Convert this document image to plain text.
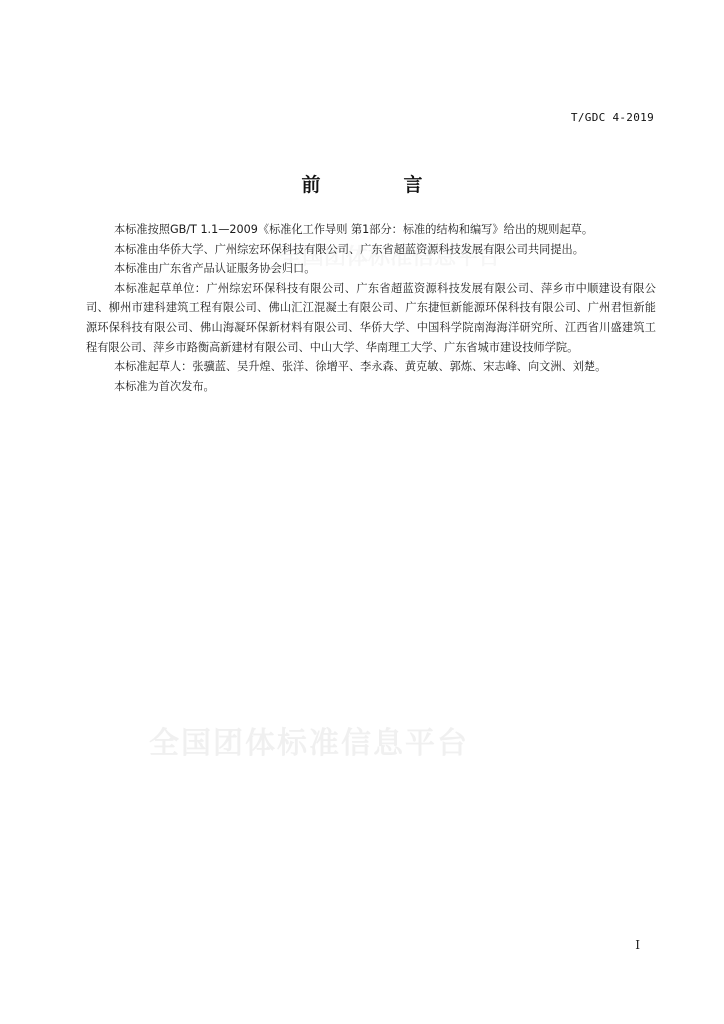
T/GDC 4-2019
前　言

本标准按照GB/T 1.1—2009《标准化工作导则 第1部分：标准的结构和编写》给出的规则起草。

本标准由华侨大学、广州综宏环保科技有限公司、广东省超蓝资源科技发展有限公司共同提出。

本标准由广东省产品认证服务协会归口。

本标准起草单位：广州综宏环保科技有限公司、广东省超蓝资源科技发展有限公司、萍乡市中顺建设有限公司、柳州市建科建筑工程有限公司、佛山汇江混凝土有限公司、广东捷恒新能源环保科技有限公司、广州君恒新能源环保科技有限公司、佛山海凝环保新材料有限公司、华侨大学、中国科学院南海海洋研究所、江西省川盛建筑工程有限公司、萍乡市路衡高新建材有限公司、中山大学、华南理工大学、广东省城市建设技师学院。

本标准起草人：张骥蓝、吴升煌、张洋、徐增平、李永森、黄克敏、郭炼、宋志峰、向文洲、刘楚。

本标准为首次发布。

全国团体标准信息平台
I
